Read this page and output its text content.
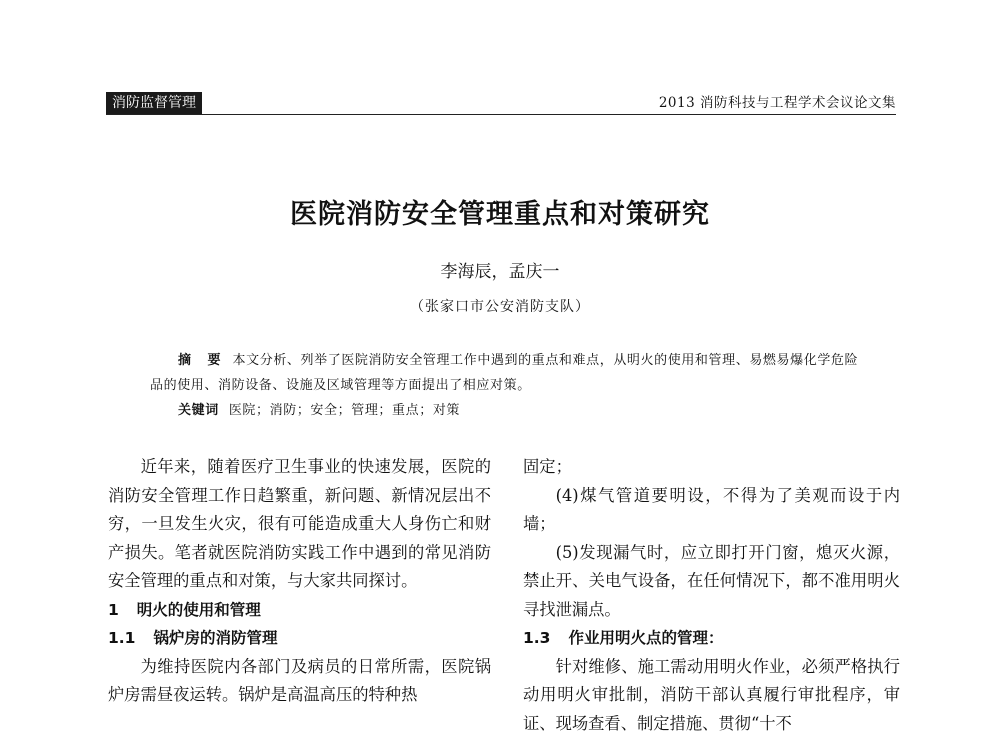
消防监督管理	2013 消防科技与工程学术会议论文集
医院消防安全管理重点和对策研究
李海辰，孟庆一
（张家口市公安消防支队）
摘 要 本文分析、列举了医院消防安全管理工作中遇到的重点和难点，从明火的使用和管理、易燃易爆化学危险品的使用、消防设备、设施及区域管理等方面提出了相应对策。
关键词 医院；消防；安全；管理；重点；对策

近年来，随着医疗卫生事业的快速发展，医院的消防安全管理工作日趋繁重，新问题、新情况层出不穷，一旦发生火灾，很有可能造成重大人身伤亡和财产损失。笔者就医院消防实践工作中遇到的常见消防安全管理的重点和对策，与大家共同探讨。

1 明火的使用和管理
1.1 锅炉房的消防管理

为维持医院内各部门及病员的日常所需，医院锅炉房需昼夜运转。锅炉是高温高压的特种热

固定；

(4)煤气管道要明设，不得为了美观而设于内墙；

(5)发现漏气时，应立即打开门窗，熄灭火源，禁止开、关电气设备，在任何情况下，都不准用明火寻找泄漏点。

1.3 作业用明火点的管理：

针对维修、施工需动用明火作业，必须严格执行动用明火审批制，消防干部认真履行审批程序，审证、现场查看、制定措施、贯彻“十不
